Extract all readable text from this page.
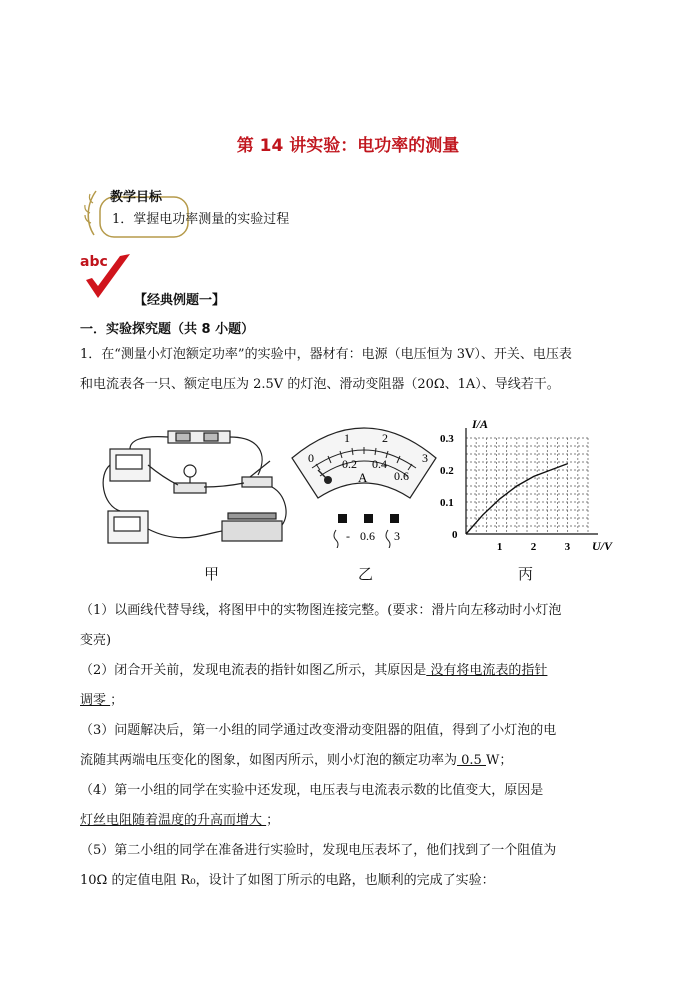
第 14 讲实验：电功率的测量
教学目标
1．掌握电功率测量的实验过程
abc
【经典例题一】
一．实验探究题（共 8 小题）
1．在“测量小灯泡额定功率”的实验中，器材有：电源（电压恒为 3V）、开关、电压表
和电流表各一只、额定电压为 2.5V 的灯泡、滑动变阻器（20Ω、1A）、导线若干。
0
1	2
3
0.2 0.4
0.6
A
- 0.6 3
I/A
U/V
0
1	2	3
0.1
0.2
0.3
甲	乙	丙
（1）以画线代替导线，将图甲中的实物图连接完整。(要求：滑片向左移动时小灯泡
变亮)
（2）闭合开关前，发现电流表的指针如图乙所示，其原因是 没有将电流表的指针
调零 ；
（3）问题解决后，第一小组的同学通过改变滑动变阻器的阻值，得到了小灯泡的电
流随其两端电压变化的图象，如图丙所示，则小灯泡的额定功率为 0.5 W；
（4）第一小组的同学在实验中还发现，电压表与电流表示数的比值变大，原因是
灯丝电阻随着温度的升高而增大 ；
（5）第二小组的同学在准备进行实验时，发现电压表坏了，他们找到了一个阻值为
10Ω 的定值电阻 R₀，设计了如图丁所示的电路，也顺利的完成了实验：
